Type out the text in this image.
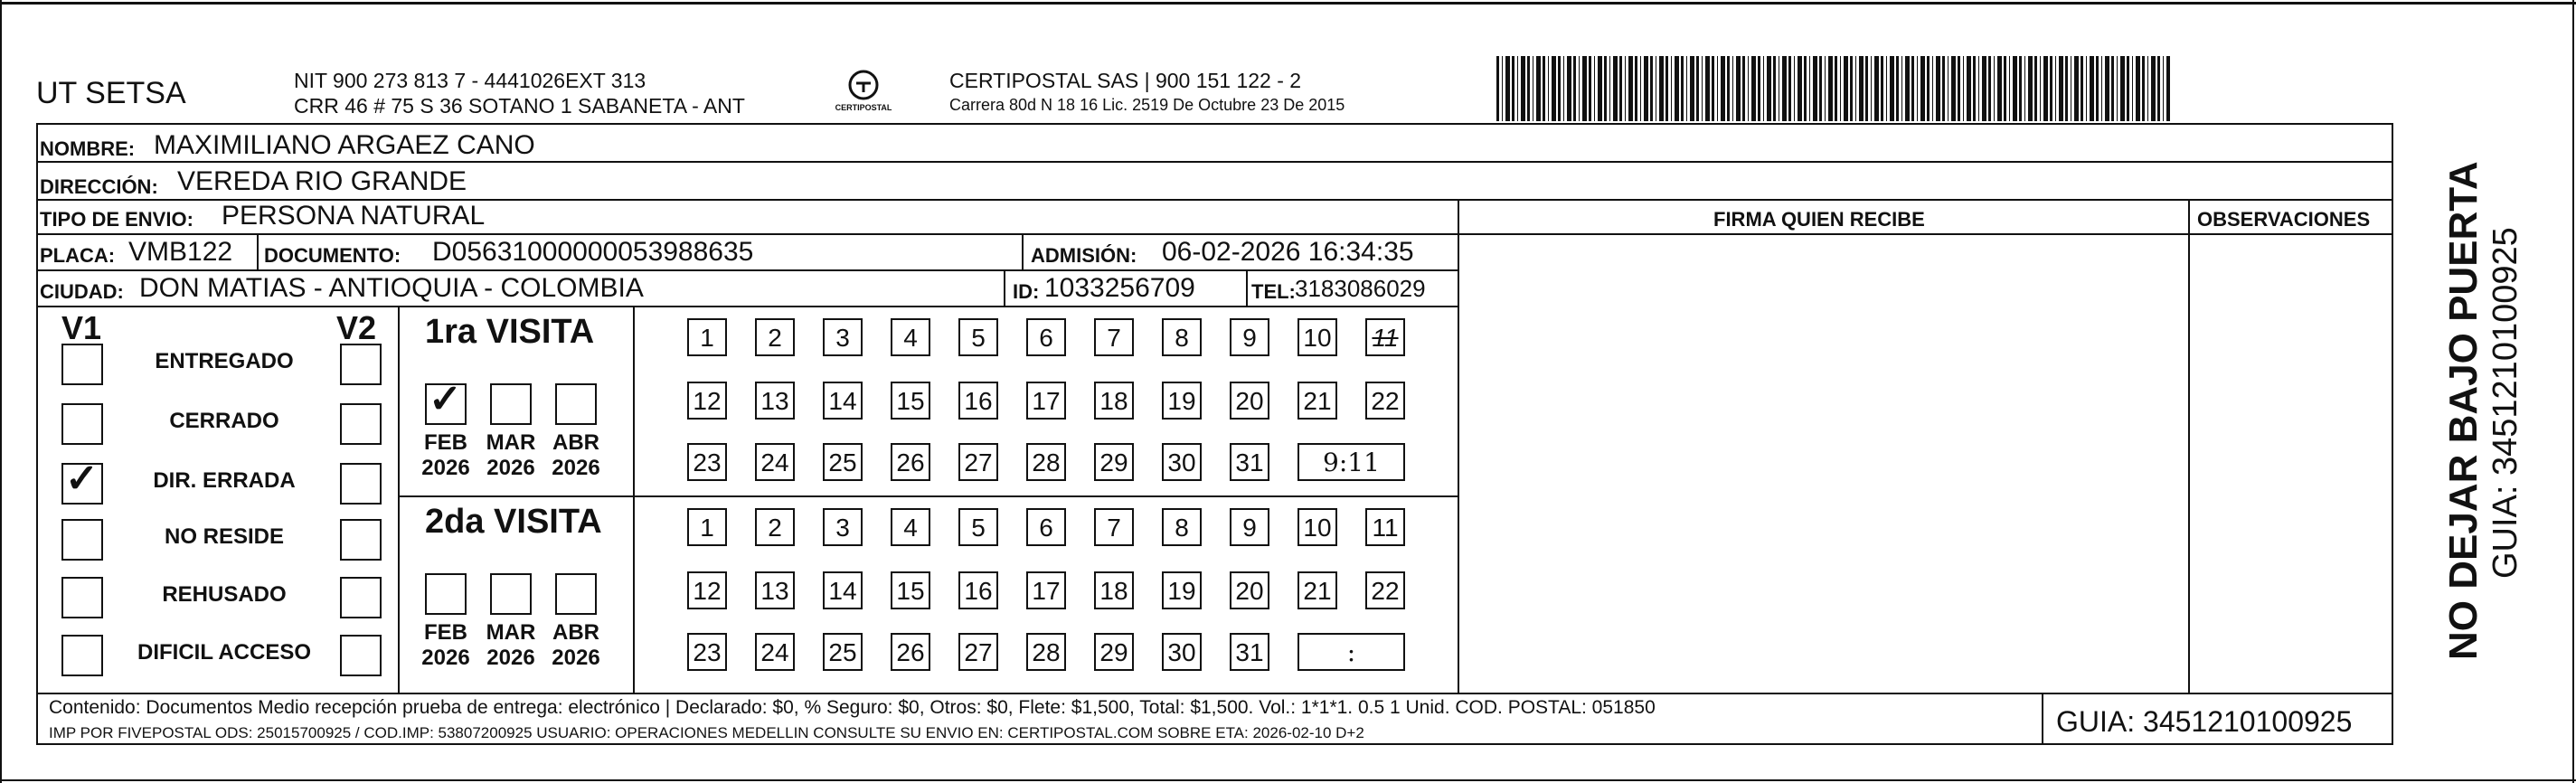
UT SETSA	NIT 900 273 813 7 - 4441026EXT 313
CRR 46 # 75 S 36 SOTANO 1 SABANETA - ANT	CERTIPOSTAL
CERTIPOSTAL SAS | 900 151 122 - 2
Carrera 80d N 18 16 Lic. 2519 De Octubre 23 De 2015
NOMBRE: MAXIMILIANO ARGAEZ CANO
DIRECCIÓN: VEREDA RIO GRANDE
TIPO DE ENVIO: PERSONA NATURAL	FIRMA QUIEN RECIBE	OBSERVACIONES
PLACA: VMB122 DOCUMENTO: D05631000000053988635	ADMISIÓN: 06-02-2026 16:34:35
CIUDAD: DON MATIAS - ANTIOQUIA - COLOMBIA	ID: 1033256709	TEL: 3183086029
V1	V2
ENTREGADO
CERRADO
✓	DIR. ERRADA
NO RESIDE
REHUSADO
DIFICIL ACCESO
1ra VISITA
✓
FEB
2026
MAR
2026
ABR
2026
1	2	3	4	5	6	7	8	9	10 11
12 13 14 15 16 17 18 19 20 21 22
23 24 25 26 27 28 29 30 31	9:11
2da VISITA
FEB
2026
MAR
2026
ABR
2026
1	2	3	4	5	6	7	8	9	10 11
12 13 14 15 16 17 18 19 20 21 22
23 24 25 26 27 28 29 30 31	:
Contenido: Documentos Medio recepción prueba de entrega: electrónico | Declarado: $0, % Seguro: $0, Otros: $0, Flete: $1,500, Total: $1,500. Vol.: 1*1*1. 0.5 1 Unid. COD. POSTAL: 051850
IMP POR FIVEPOSTAL ODS: 25015700925 / COD.IMP: 53807200925 USUARIO: OPERACIONES MEDELLIN CONSULTE SU ENVIO EN: CERTIPOSTAL.COM SOBRE ETA: 2026-02-10 D+2	GUIA: 3451210100925
NO DEJAR BAJO PUERTA GUIA: 3451210100925
